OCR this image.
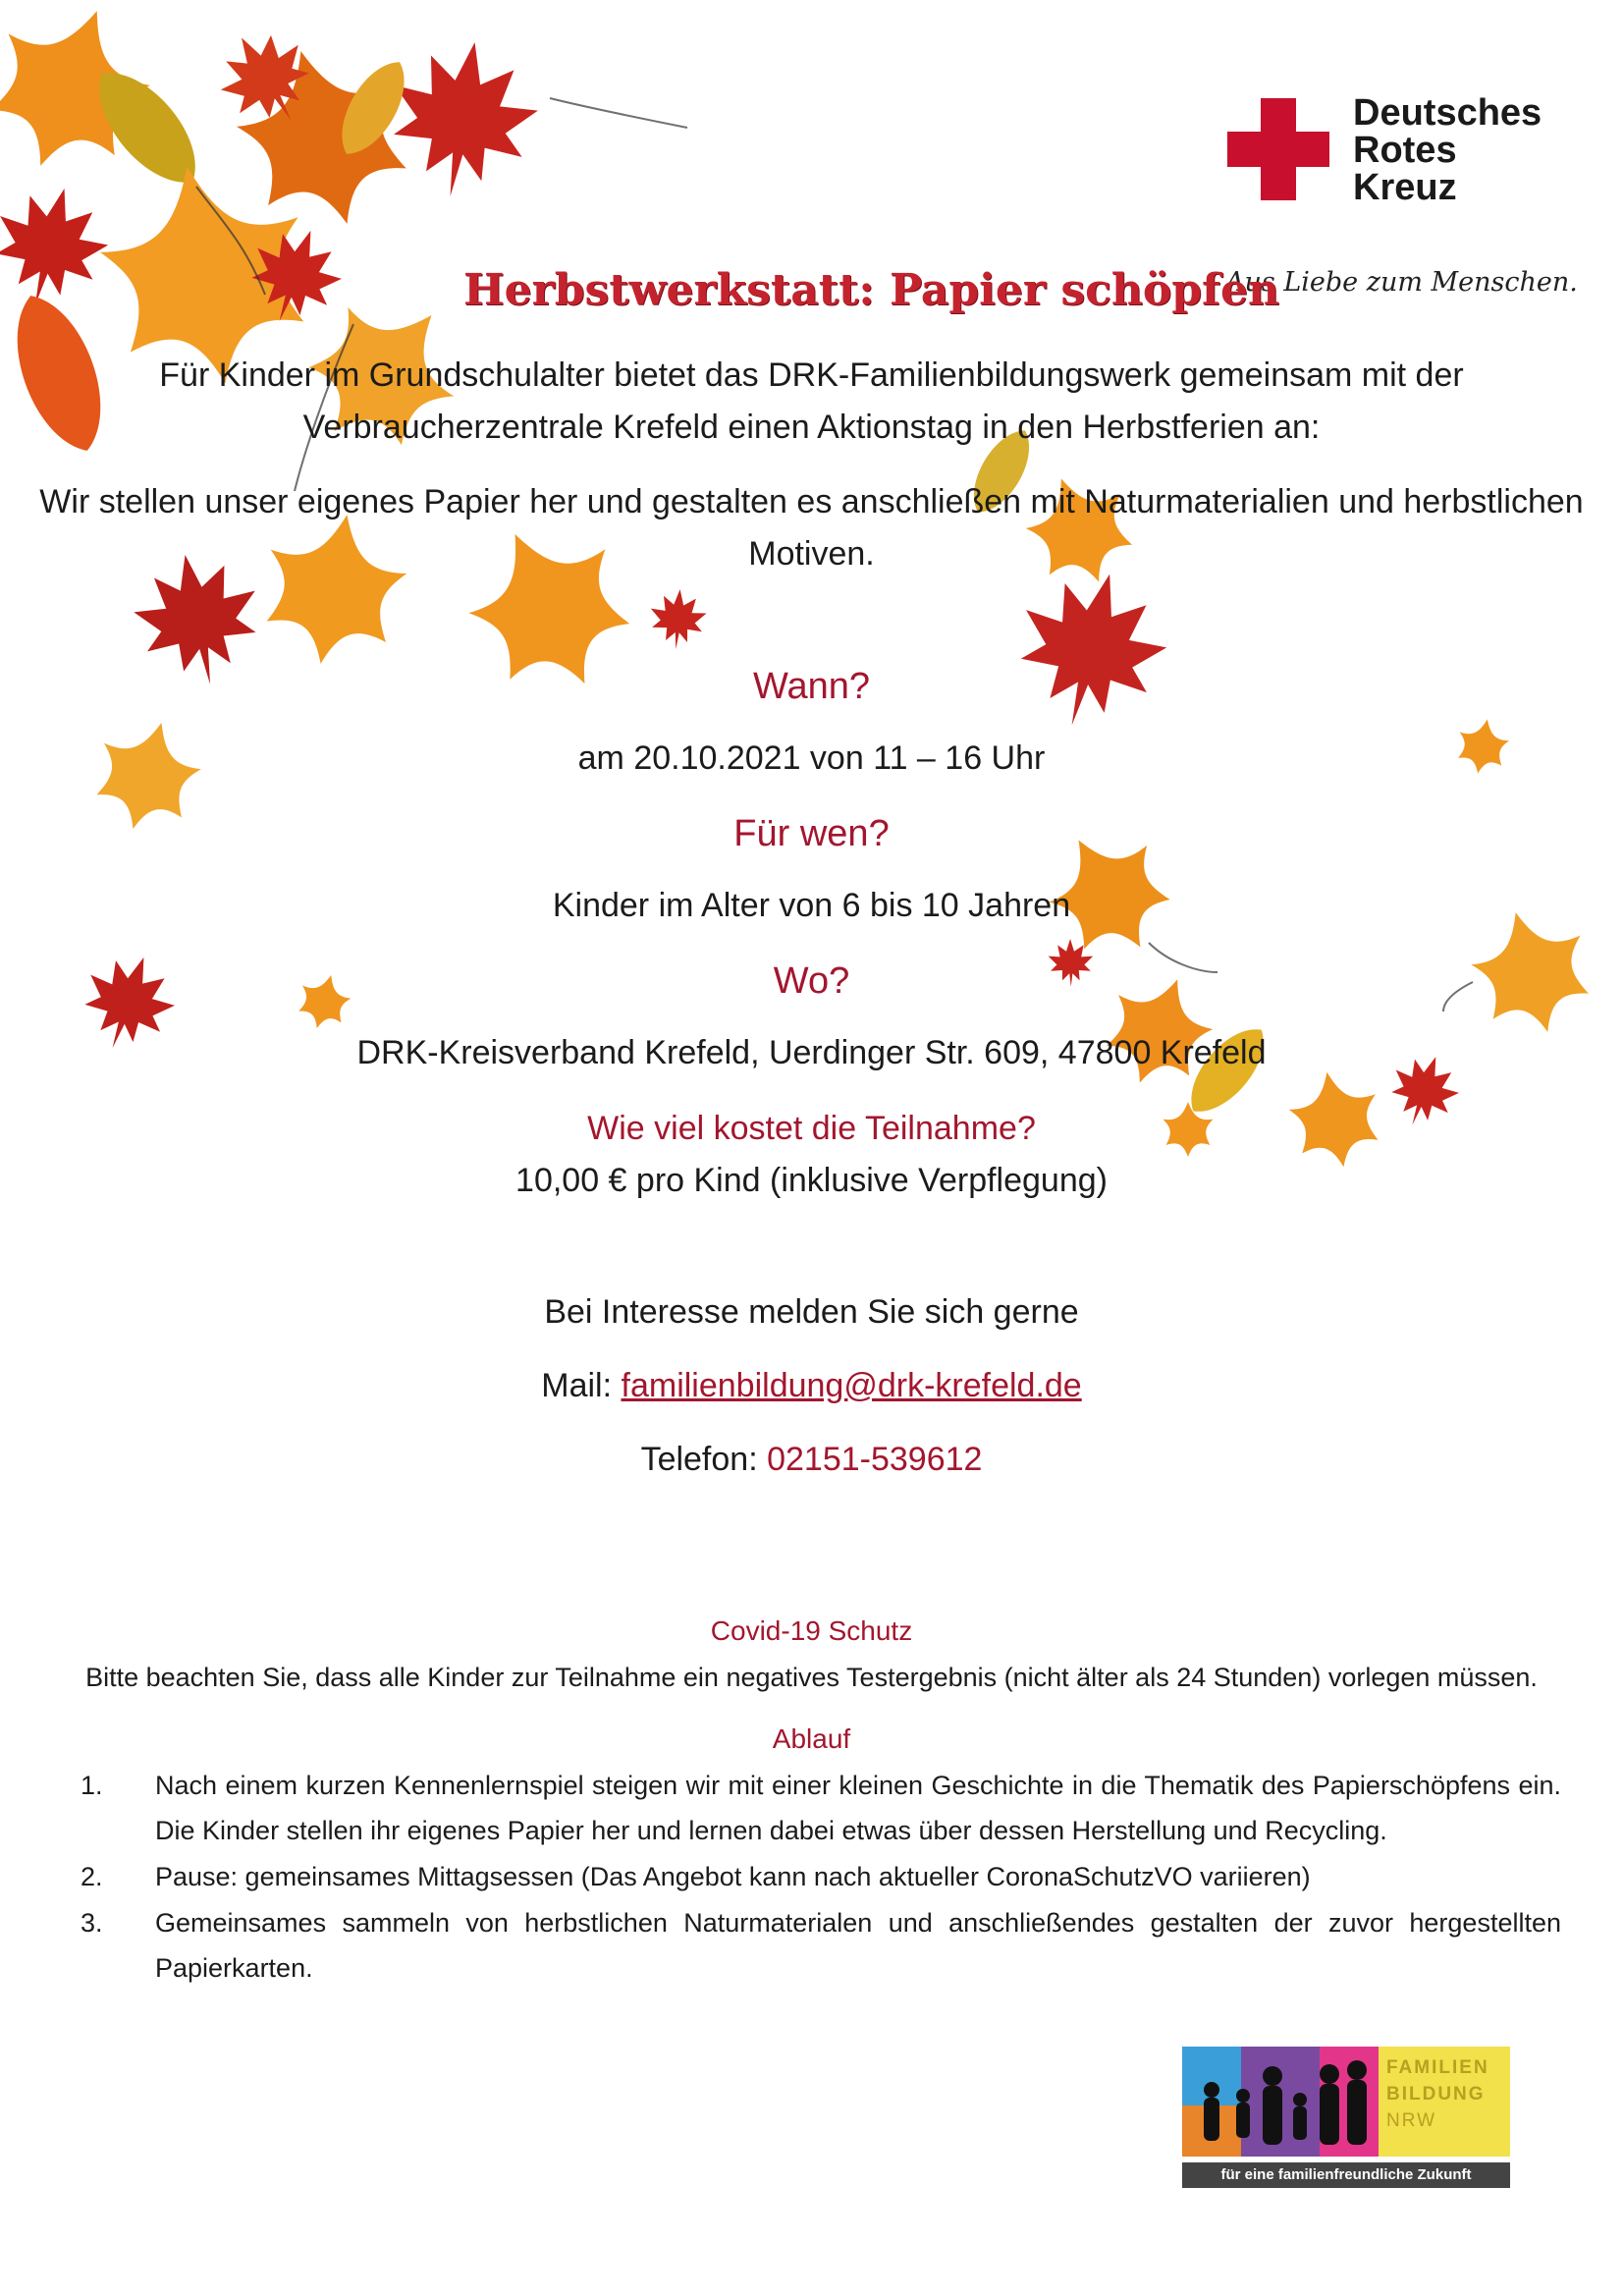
Deutsches
Rotes
Kreuz
Aus Liebe zum Menschen.
Herbstwerkstatt: Papier schöpfen
Für Kinder im Grundschulalter bietet das DRK-Familienbildungswerk gemeinsam mit der
Verbraucherzentrale Krefeld einen Aktionstag in den Herbstferien an:
Wir stellen unser eigenes Papier her und gestalten es anschließen mit Naturmaterialien und herbstlichen
Motiven.
Wann?
am 20.10.2021 von 11 – 16 Uhr
Für wen?
Kinder im Alter von 6 bis 10 Jahren
Wo?
DRK-Kreisverband Krefeld, Uerdinger Str. 609, 47800 Krefeld
Wie viel kostet die Teilnahme?
10,00 € pro Kind (inklusive Verpflegung)
Bei Interesse melden Sie sich gerne
Mail: familienbildung@drk-krefeld.de
Telefon: 02151-539612
Covid-19 Schutz
Bitte beachten Sie, dass alle Kinder zur Teilnahme ein negatives Testergebnis (nicht älter als 24 Stunden) vorlegen müssen.
Ablauf
1.	Nach einem kurzen Kennenlernspiel steigen wir mit einer kleinen Geschichte in die Thematik des Papierschöpfens ein. Die Kinder stellen ihr eigenes Papier her und lernen dabei etwas über dessen Herstellung und Recycling.
2.	Pause: gemeinsames Mittagsessen (Das Angebot kann nach aktueller CoronaSchutzVO variieren)
3.	Gemeinsames sammeln von herbstlichen Naturmaterialen und anschließendes gestalten der zuvor hergestellten Papierkarten.
FAMILIEN
BILDUNG
NRW
für eine familienfreundliche Zukunft
